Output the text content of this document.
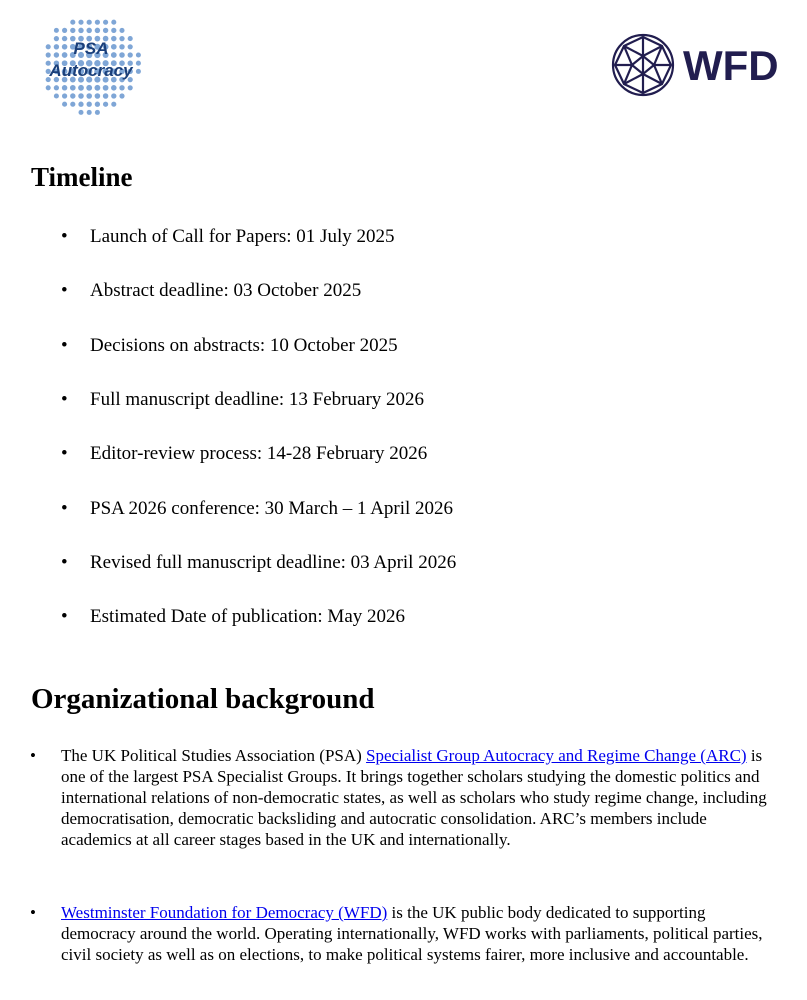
PSA
Autocracy	WFD
Timeline

• Launch of Call for Papers: 01 July 2025

• Abstract deadline: 03 October 2025

• Decisions on abstracts: 10 October 2025

• Full manuscript deadline: 13 February 2026

• Editor-review process: 14-28 February 2026

• PSA 2026 conference: 30 March – 1 April 2026

• Revised full manuscript deadline: 03 April 2026

• Estimated Date of publication: May 2026

Organizational background

• The UK Political Studies Association (PSA) Specialist Group Autocracy and Regime Change (ARC) is one of the largest PSA Specialist Groups. It brings together scholars studying the domestic politics and international relations of non-democratic states, as well as scholars who study regime change, including democratisation, democratic backsliding and autocratic consolidation. ARC’s members include academics at all career stages based in the UK and internationally.

• Westminster Foundation for Democracy (WFD) is the UK public body dedicated to supporting democracy around the world. Operating internationally, WFD works with parliaments, political parties, civil society as well as on elections, to make political systems fairer, more inclusive and accountable.
